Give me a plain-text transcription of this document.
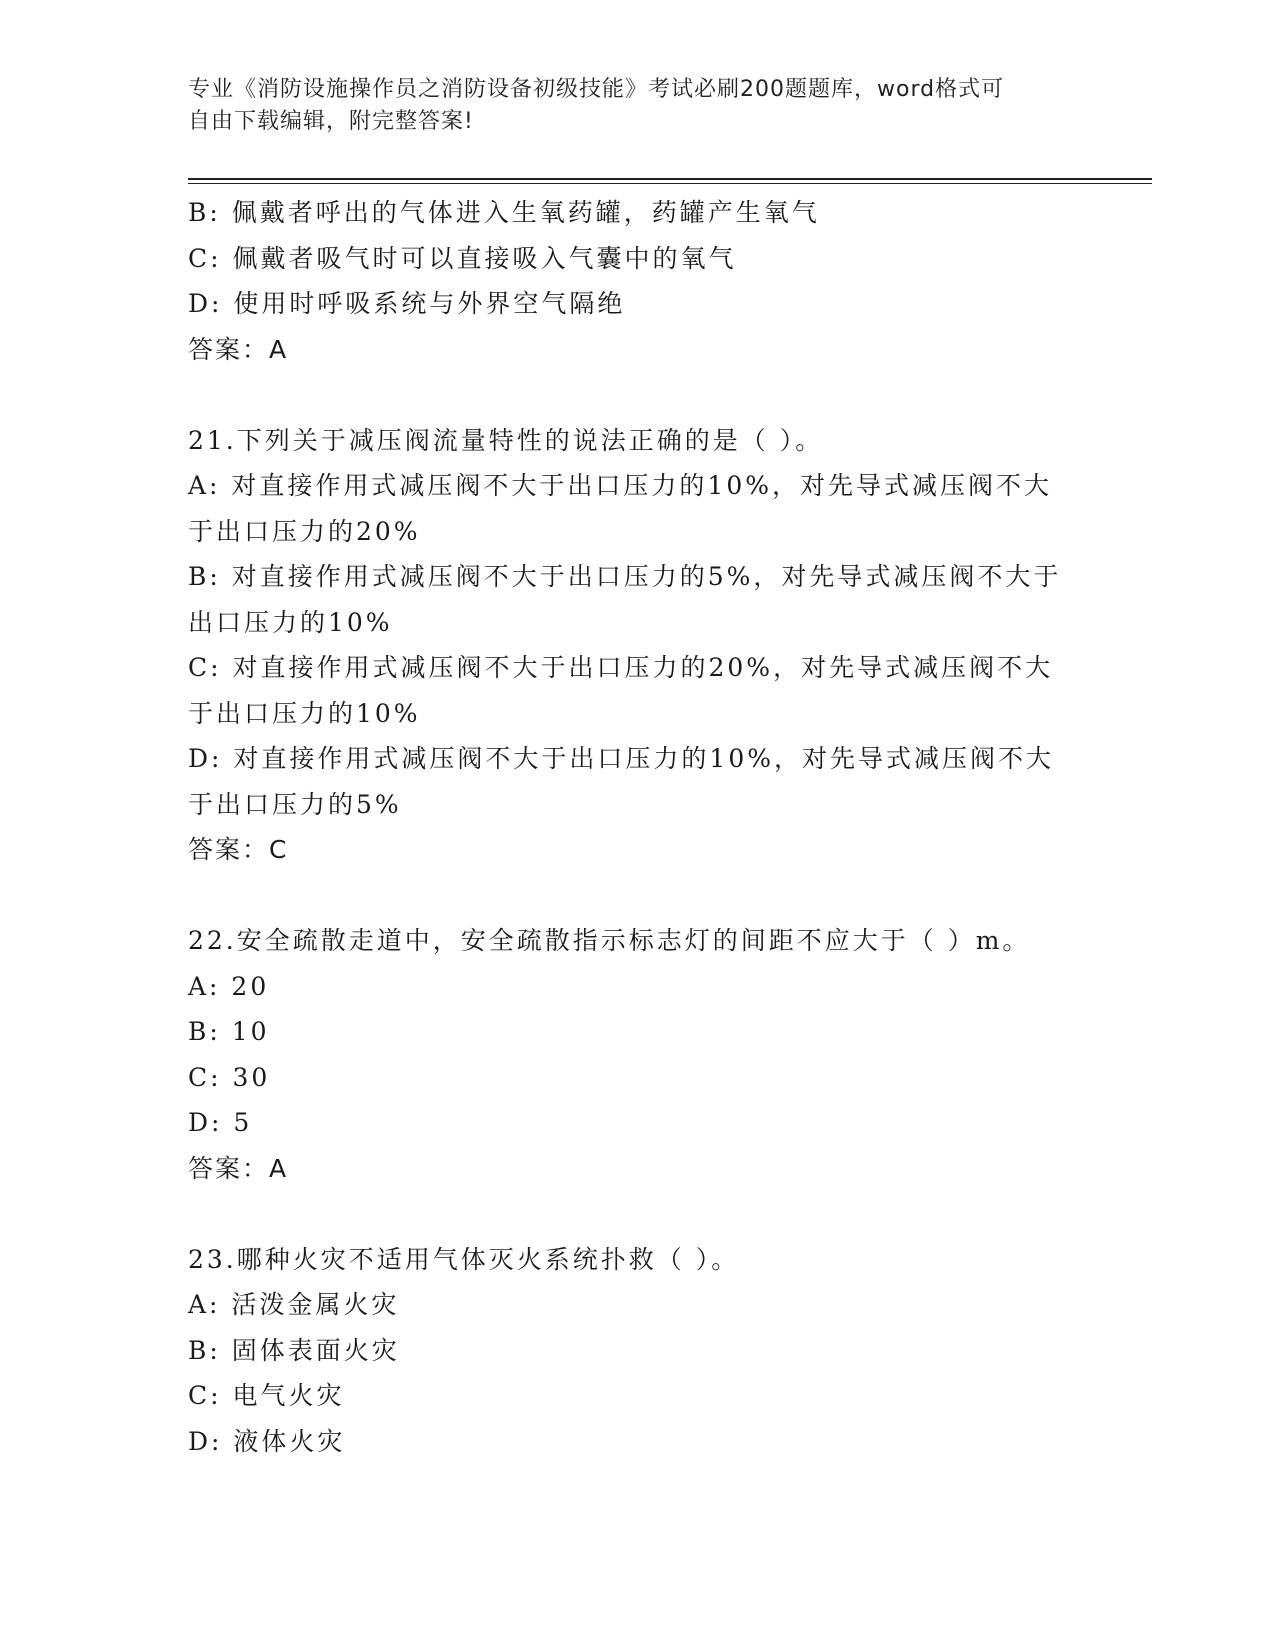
专业《消防设施操作员之消防设备初级技能》考试必刷200题题库，word格式可
自由下载编辑，附完整答案!
B: 佩戴者呼出的气体进入生氧药罐，药罐产生氧气
C: 佩戴者吸气时可以直接吸入气囊中的氧气
D: 使用时呼吸系统与外界空气隔绝
答案：A
21.下列关于减压阀流量特性的说法正确的是（ ）。
A: 对直接作用式减压阀不大于出口压力的10%，对先导式减压阀不大
于出口压力的20%
B: 对直接作用式减压阀不大于出口压力的5%，对先导式减压阀不大于
出口压力的10%
C: 对直接作用式减压阀不大于出口压力的20%，对先导式减压阀不大
于出口压力的10%
D: 对直接作用式减压阀不大于出口压力的10%，对先导式减压阀不大
于出口压力的5%
答案：C
22.安全疏散走道中，安全疏散指示标志灯的间距不应大于（ ）m。
A: 20
B: 10
C: 30
D: 5
答案：A
23.哪种火灾不适用气体灭火系统扑救（ ）。
A: 活泼金属火灾
B: 固体表面火灾
C: 电气火灾
D: 液体火灾
